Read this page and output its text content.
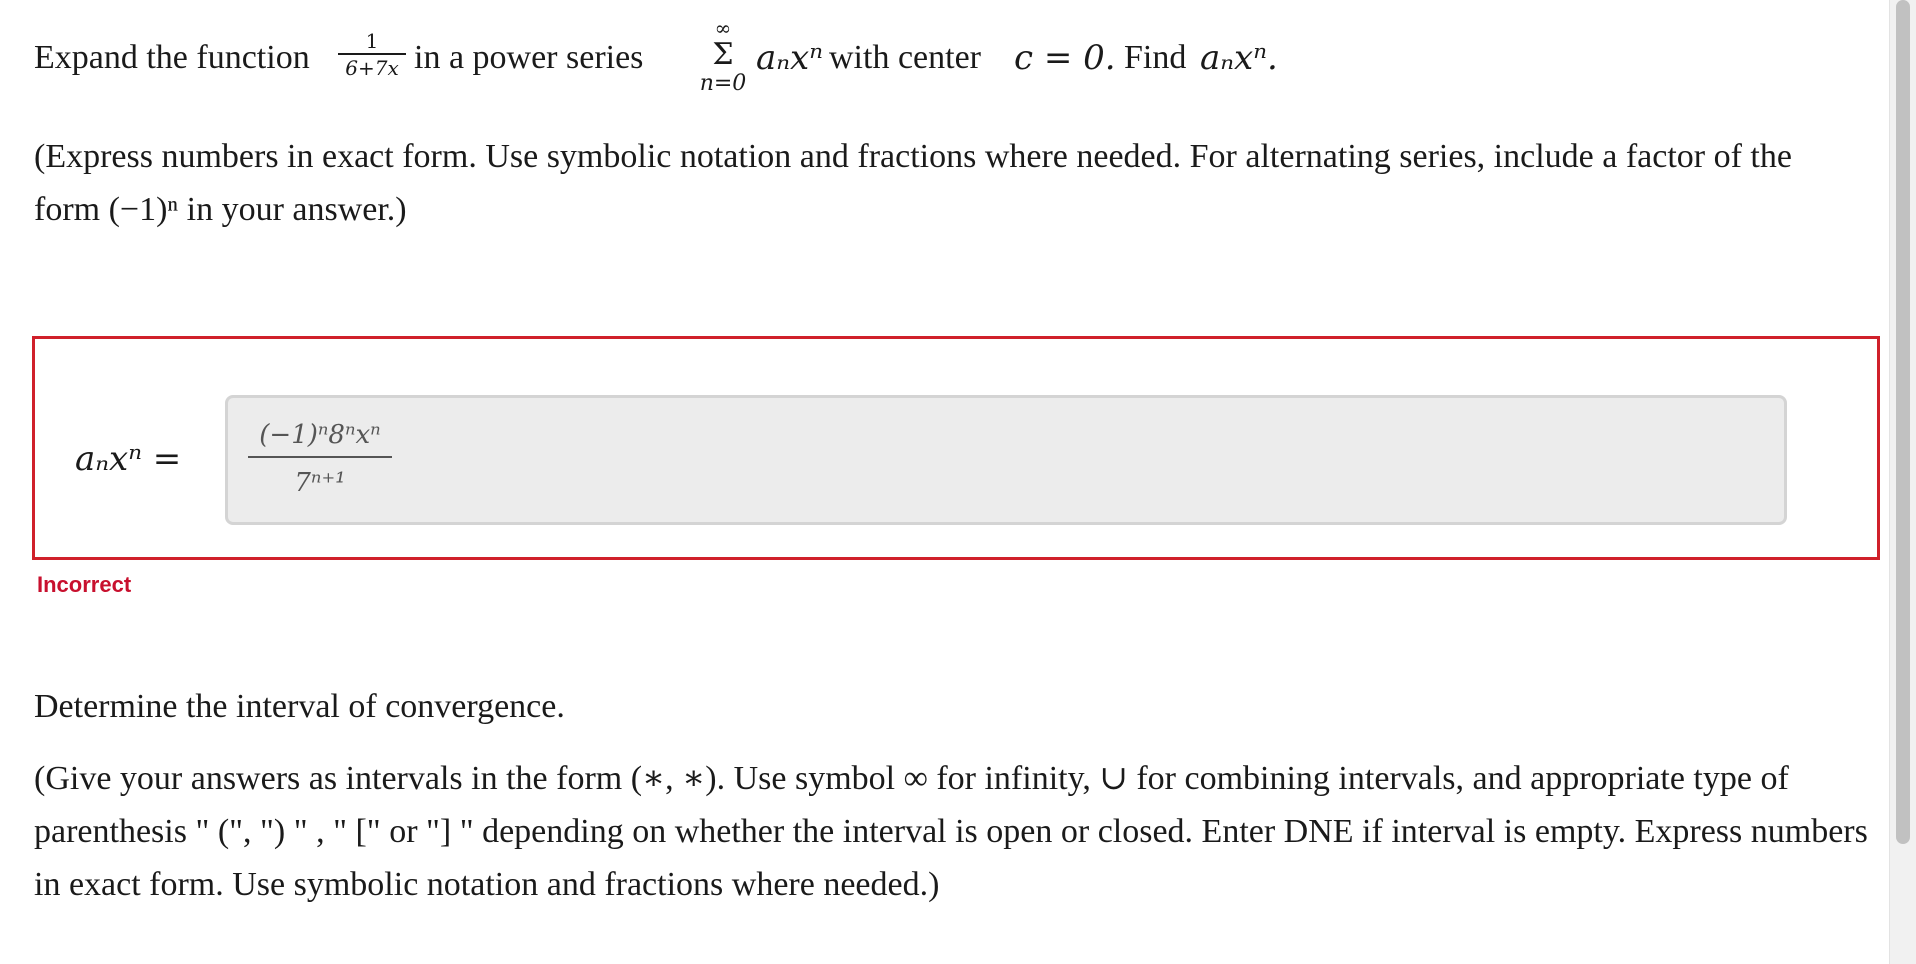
Expand the function	1
6+7x in a power series
∞
Σ
n=0
aₙxⁿ with center c = 0. Find aₙxⁿ.
(Express numbers in exact form. Use symbolic notation and fractions where needed. For alternating series, include a factor of the form (−1)ⁿ in your answer.)
aₙxⁿ =
(−1)ⁿ8ⁿxⁿ
7ⁿ⁺¹
Incorrect
Determine the interval of convergence.
(Give your answers as intervals in the form (∗, ∗). Use symbol ∞ for infinity, ∪ for combining intervals, and appropriate type of parenthesis " (", ") " , " [" or "] " depending on whether the interval is open or closed. Enter DNE if interval is empty. Express numbers in exact form. Use symbolic notation and fractions where needed.)
